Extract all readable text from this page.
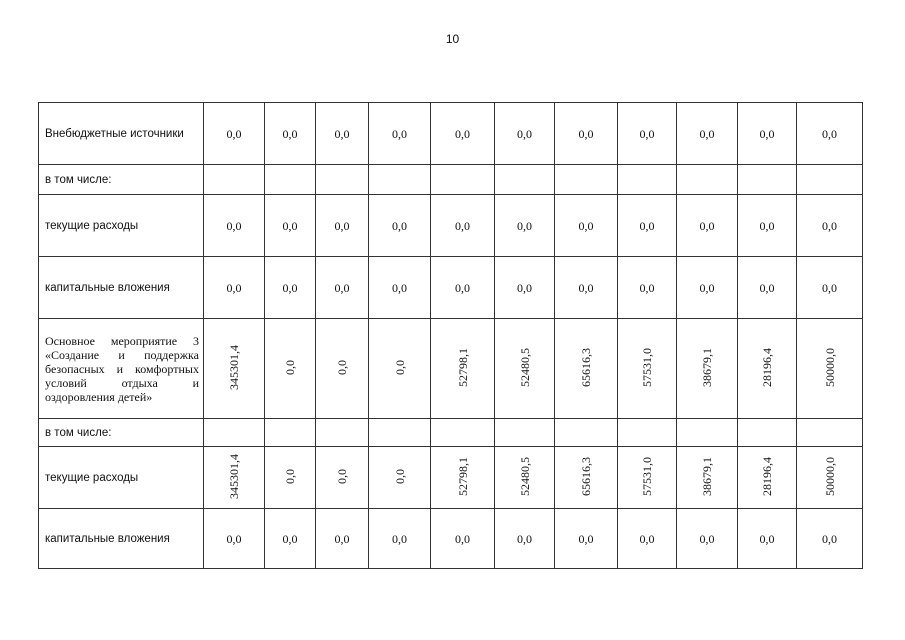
10
Внебюджетные источники	0,0	0,0	0,0	0,0	0,0	0,0	0,0	0,0	0,0	0,0	0,0
в том числе:											
текущие расходы	0,0	0,0	0,0	0,0	0,0	0,0	0,0	0,0	0,0	0,0	0,0
капитальные вложения	0,0	0,0	0,0	0,0	0,0	0,0	0,0	0,0	0,0	0,0	0,0
Основное мероприятие 3 «Создание и поддержка безопасных и комфортных условий отдыха и оздоровления детей»	345301,4	0,0	0,0	0,0	52798,1	52480,5	65616,3	57531,0	38679,1	28196,4	50000,0
в том числе:											
текущие расходы	345301,4	0,0	0,0	0,0	52798,1	52480,5	65616,3	57531,0	38679,1	28196,4	50000,0
капитальные вложения	0,0	0,0	0,0	0,0	0,0	0,0	0,0	0,0	0,0	0,0	0,0
